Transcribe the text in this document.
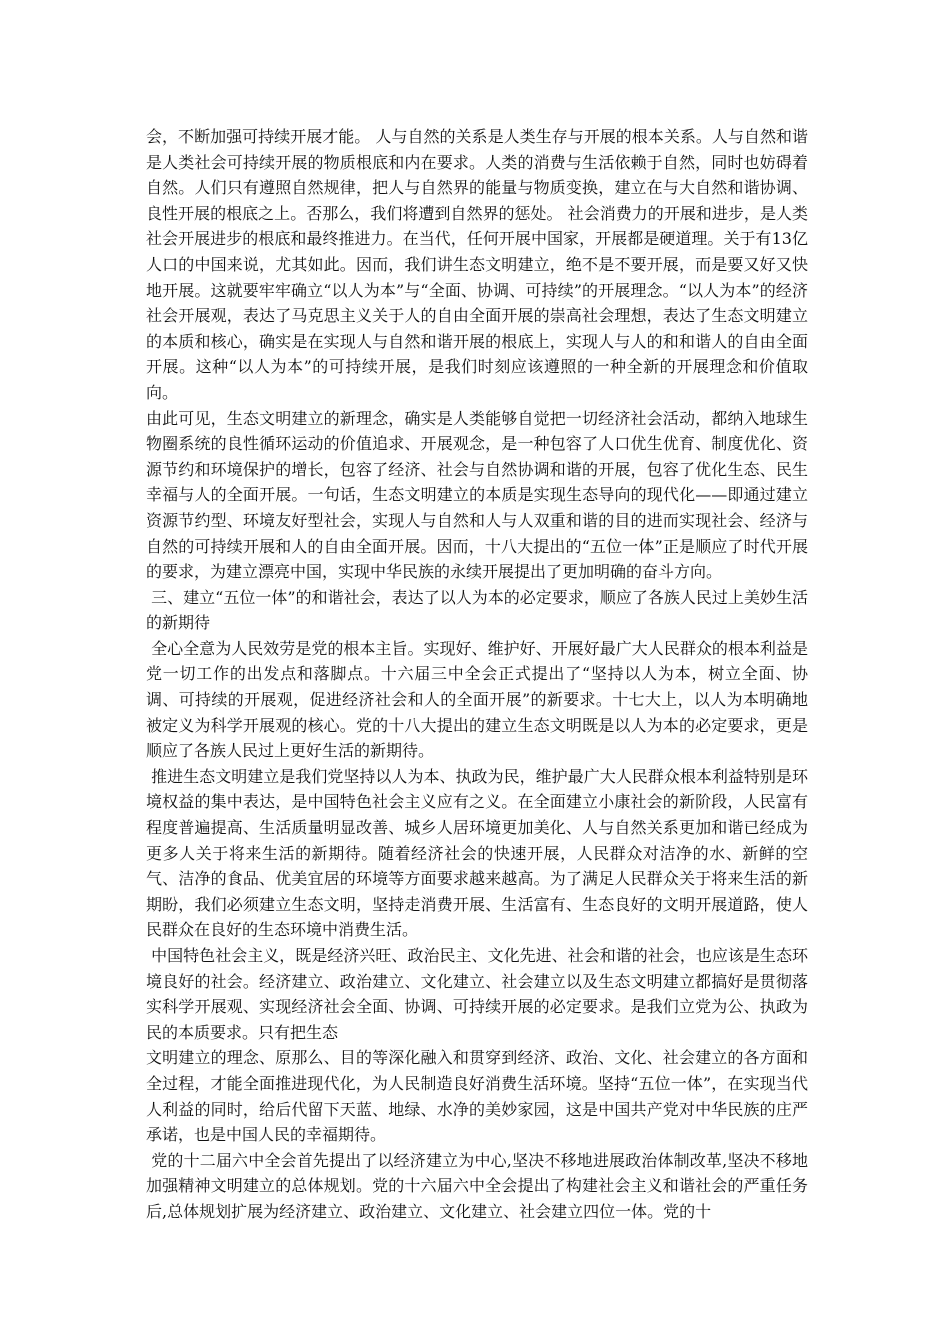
会，不断加强可持续开展才能。 人与自然的关系是人类生存与开展的根本关系。人与自然和谐是人类社会可持续开展的物质根底和内在要求。人类的消费与生活依赖于自然，同时也妨碍着自然。人们只有遵照自然规律，把人与自然界的能量与物质变换，建立在与大自然和谐协调、良性开展的根底之上。否那么，我们将遭到自然界的惩处。 社会消费力的开展和进步，是人类社会开展进步的根底和最终推进力。在当代，任何开展中国家，开展都是硬道理。关于有13亿人口的中国来说，尤其如此。因而，我们讲生态文明建立，绝不是不要开展，而是要又好又快地开展。这就要牢牢确立“以人为本”与“全面、协调、可持续”的开展理念。“以人为本”的经济社会开展观，表达了马克思主义关于人的自由全面开展的崇高社会理想，表达了生态文明建立的本质和核心，确实是在实现人与自然和谐开展的根底上，实现人与人的和和谐人的自由全面开展。这种“以人为本”的可持续开展，是我们时刻应该遵照的一种全新的开展理念和价值取向。

由此可见，生态文明建立的新理念，确实是人类能够自觉把一切经济社会活动，都纳入地球生物圈系统的良性循环运动的价值追求、开展观念，是一种包容了人口优生优育、制度优化、资源节约和环境保护的增长，包容了经济、社会与自然协调和谐的开展，包容了优化生态、民生幸福与人的全面开展。一句话，生态文明建立的本质是实现生态导向的现代化——即通过建立资源节约型、环境友好型社会，实现人与自然和人与人双重和谐的目的进而实现社会、经济与自然的可持续开展和人的自由全面开展。因而，十八大提出的“五位一体”正是顺应了时代开展的要求，为建立漂亮中国，实现中华民族的永续开展提出了更加明确的奋斗方向。

三、建立“五位一体”的和谐社会，表达了以人为本的必定要求，顺应了各族人民过上美妙生活的新期待

全心全意为人民效劳是党的根本主旨。实现好、维护好、开展好最广大人民群众的根本利益是党一切工作的出发点和落脚点。十六届三中全会正式提出了“坚持以人为本，树立全面、协调、可持续的开展观，促进经济社会和人的全面开展”的新要求。十七大上，以人为本明确地被定义为科学开展观的核心。党的十八大提出的建立生态文明既是以人为本的必定要求，更是顺应了各族人民过上更好生活的新期待。

推进生态文明建立是我们党坚持以人为本、执政为民，维护最广大人民群众根本利益特别是环境权益的集中表达，是中国特色社会主义应有之义。在全面建立小康社会的新阶段，人民富有程度普遍提高、生活质量明显改善、城乡人居环境更加美化、人与自然关系更加和谐已经成为更多人关于将来生活的新期待。随着经济社会的快速开展，人民群众对洁净的水、新鲜的空气、洁净的食品、优美宜居的环境等方面要求越来越高。为了满足人民群众关于将来生活的新期盼，我们必须建立生态文明，坚持走消费开展、生活富有、生态良好的文明开展道路，使人民群众在良好的生态环境中消费生活。

中国特色社会主义，既是经济兴旺、政治民主、文化先进、社会和谐的社会，也应该是生态环境良好的社会。经济建立、政治建立、文化建立、社会建立以及生态文明建立都搞好是贯彻落实科学开展观、实现经济社会全面、协调、可持续开展的必定要求。是我们立党为公、执政为民的本质要求。只有把生态

文明建立的理念、原那么、目的等深化融入和贯穿到经济、政治、文化、社会建立的各方面和全过程，才能全面推进现代化，为人民制造良好消费生活环境。坚持“五位一体”，在实现当代人利益的同时，给后代留下天蓝、地绿、水净的美妙家园，这是中国共产党对中华民族的庄严承诺，也是中国人民的幸福期待。

党的十二届六中全会首先提出了以经济建立为中心,坚决不移地进展政治体制改革,坚决不移地加强精神文明建立的总体规划。党的十六届六中全会提出了构建社会主义和谐社会的严重任务后,总体规划扩展为经济建立、政治建立、文化建立、社会建立四位一体。党的十
